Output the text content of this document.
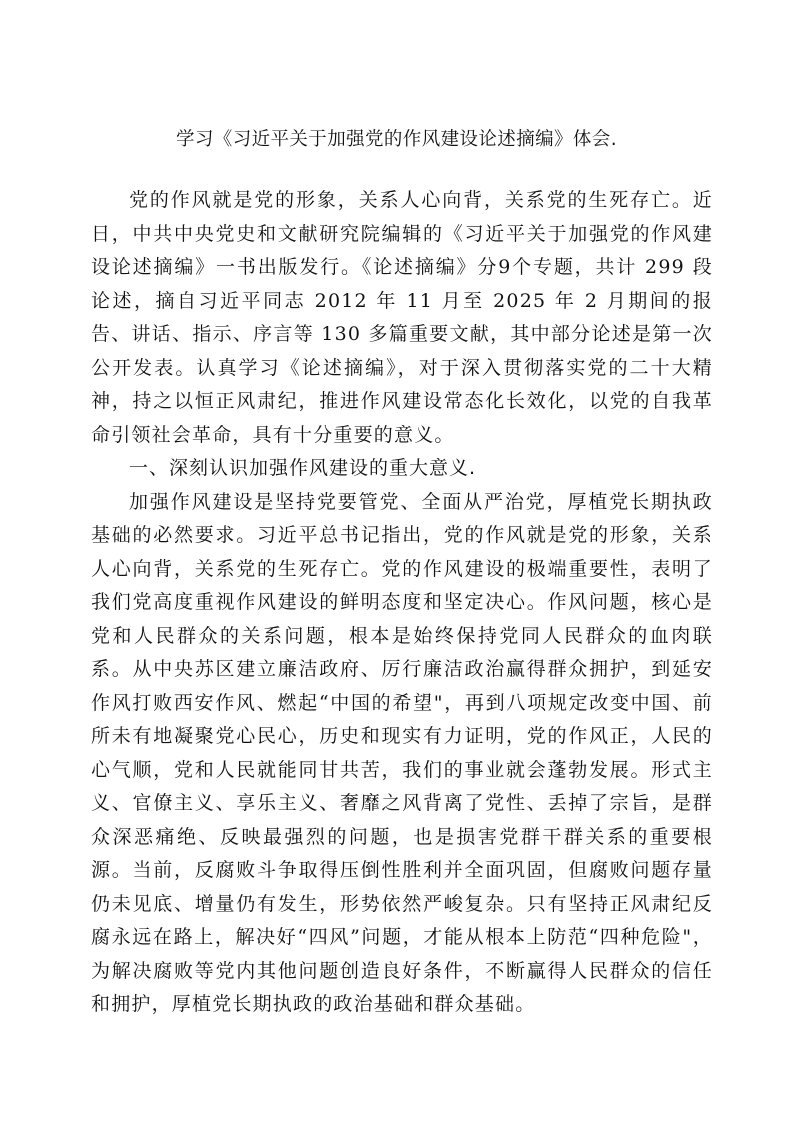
学习《习近平关于加强党的作风建设论述摘编》体会.

党的作风就是党的形象，关系人心向背，关系党的生死存亡。近日，中共中央党史和文献研究院编辑的《习近平关于加强党的作风建设论述摘编》一书出版发行。《论述摘编》分9个专题，共计 299 段论述，摘自习近平同志 2012 年 11 月至 2025 年 2 月期间的报告、讲话、指示、序言等 130 多篇重要文献，其中部分论述是第一次公开发表。认真学习《论述摘编》，对于深入贯彻落实党的二十大精神，持之以恒正风肃纪，推进作风建设常态化长效化，以党的自我革命引领社会革命，具有十分重要的意义。

一、深刻认识加强作风建设的重大意义.

加强作风建设是坚持党要管党、全面从严治党，厚植党长期执政基础的必然要求。习近平总书记指出，党的作风就是党的形象，关系人心向背，关系党的生死存亡。党的作风建设的极端重要性，表明了我们党高度重视作风建设的鲜明态度和坚定决心。作风问题，核心是党和人民群众的关系问题，根本是始终保持党同人民群众的血肉联系。从中央苏区建立廉洁政府、厉行廉洁政治赢得群众拥护，到延安作风打败西安作风、燃起“中国的希望"，再到八项规定改变中国、前所未有地凝聚党心民心，历史和现实有力证明，党的作风正，人民的心气顺，党和人民就能同甘共苦，我们的事业就会蓬勃发展。形式主义、官僚主义、享乐主义、奢靡之风背离了党性、丢掉了宗旨，是群众深恶痛绝、反映最强烈的问题，也是损害党群干群关系的重要根源。当前，反腐败斗争取得压倒性胜利并全面巩固，但腐败问题存量仍未见底、增量仍有发生，形势依然严峻复杂。只有坚持正风肃纪反腐永远在路上，解决好“四风”问题，才能从根本上防范“四种危险"，为解决腐败等党内其他问题创造良好条件，不断赢得人民群众的信任和拥护，厚植党长期执政的政治基础和群众基础。
